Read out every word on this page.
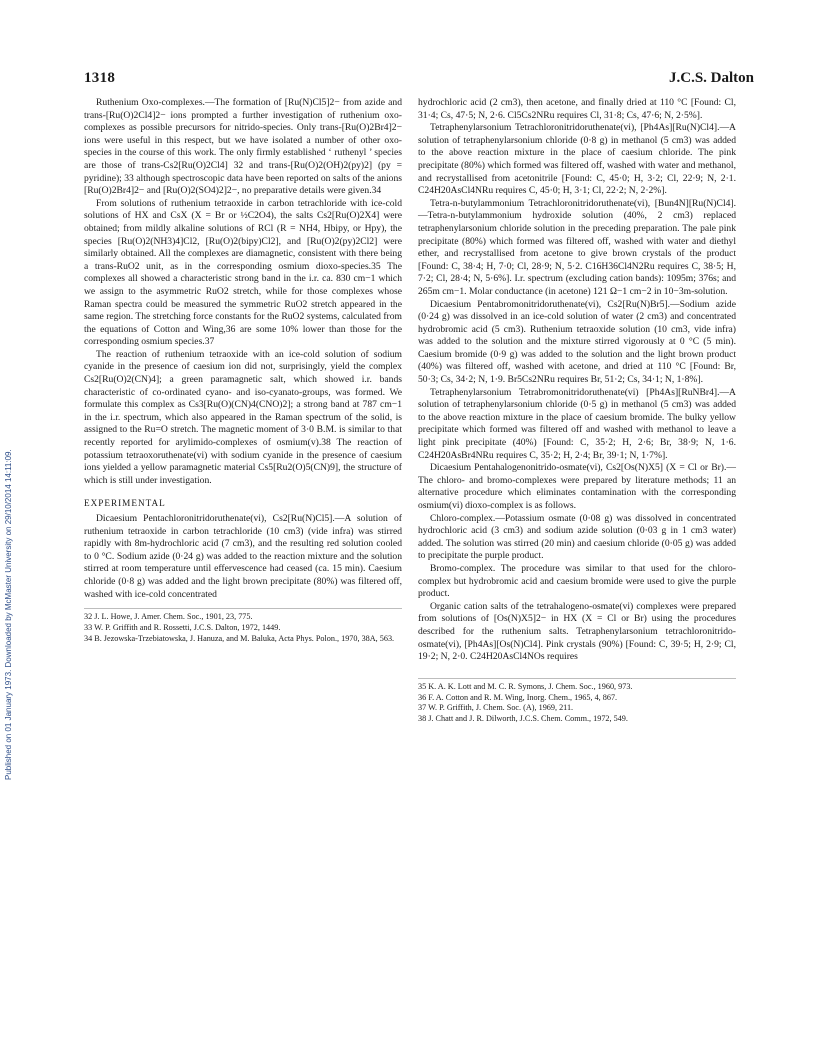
1318	J.C.S. Dalton
Published on 01 January 1973. Downloaded by McMaster University on 29/10/2014 14:11:09.

Ruthenium Oxo-complexes.—The formation of [Ru(N)Cl5]2− from azide and trans-[Ru(O)2Cl4]2− ions prompted a further investigation of ruthenium oxo-complexes as possible precursors for nitrido-species. Only trans-[Ru(O)2Br4]2− ions were useful in this respect, but we have isolated a number of other oxo-species in the course of this work. The only firmly established ‘ ruthenyl ’ species are those of trans-Cs2[Ru(O)2Cl4] 32 and trans-[Ru(O)2(OH)2(py)2] (py = pyridine); 33 although spectroscopic data have been reported on salts of the anions [Ru(O)2Br4]2− and [Ru(O)2(SO4)2]2−, no preparative details were given.34

From solutions of ruthenium tetraoxide in carbon tetrachloride with ice-cold solutions of HX and CsX (X = Br or ½C2O4), the salts Cs2[Ru(O)2X4] were obtained; from mildly alkaline solutions of RCl (R = NH4, Hbipy, or Hpy), the species [Ru(O)2(NH3)4]Cl2, [Ru(O)2(bipy)Cl2], and [Ru(O)2(py)2Cl2] were similarly obtained. All the complexes are diamagnetic, consistent with there being a trans-RuO2 unit, as in the corresponding osmium dioxo-species.35 The complexes all showed a characteristic strong band in the i.r. ca. 830 cm−1 which we assign to the asymmetric RuO2 stretch, while for those complexes whose Raman spectra could be measured the symmetric RuO2 stretch appeared in the same region. The stretching force constants for the RuO2 systems, calculated from the equations of Cotton and Wing,36 are some 10% lower than those for the corresponding osmium species.37

The reaction of ruthenium tetraoxide with an ice-cold solution of sodium cyanide in the presence of caesium ion did not, surprisingly, yield the complex Cs2[Ru(O)2(CN)4]; a green paramagnetic salt, which showed i.r. bands characteristic of co-ordinated cyano- and iso-cyanato-groups, was formed. We formulate this complex as Cs3[Ru(O)(CN)4(CNO)2]; a strong band at 787 cm−1 in the i.r. spectrum, which also appeared in the Raman spectrum of the solid, is assigned to the Ru=O stretch. The magnetic moment of 3·0 B.M. is similar to that recently reported for arylimido-complexes of osmium(v).38 The reaction of potassium tetraoxoruthenate(vi) with sodium cyanide in the presence of caesium ions yielded a yellow paramagnetic material Cs5[Ru2(O)5(CN)9], the structure of which is still under investigation.

EXPERIMENTAL

Dicaesium Pentachloronitridoruthenate(vi), Cs2[Ru(N)Cl5].—A solution of ruthenium tetraoxide in carbon tetrachloride (10 cm3) (vide infra) was stirred rapidly with 8m-hydrochloric acid (7 cm3), and the resulting red solution cooled to 0 °C. Sodium azide (0·24 g) was added to the reaction mixture and the solution stirred at room temperature until effervescence had ceased (ca. 15 min). Caesium chloride (0·8 g) was added and the light brown precipitate (80%) was filtered off, washed with ice-cold concentrated

32 J. L. Howe, J. Amer. Chem. Soc., 1901, 23, 775.
33 W. P. Griffith and R. Rossetti, J.C.S. Dalton, 1972, 1449.
34 B. Jezowska-Trzebiatowska, J. Hanuza, and M. Baluka, Acta Phys. Polon., 1970, 38A, 563.

hydrochloric acid (2 cm3), then acetone, and finally dried at 110 °C [Found: Cl, 31·4; Cs, 47·5; N, 2·6. Cl5Cs2NRu requires Cl, 31·8; Cs, 47·6; N, 2·5%].

Tetraphenylarsonium Tetrachloronitridoruthenate(vi), [Ph4As][Ru(N)Cl4].—A solution of tetraphenylarsonium chloride (0·8 g) in methanol (5 cm3) was added to the above reaction mixture in the place of caesium chloride. The pink precipitate (80%) which formed was filtered off, washed with water and methanol, and recrystallised from acetonitrile [Found: C, 45·0; H, 3·2; Cl, 22·9; N, 2·1. C24H20AsCl4NRu requires C, 45·0; H, 3·1; Cl, 22·2; N, 2·2%].

Tetra-n-butylammonium Tetrachloronitridoruthenate(vi), [Bun4N][Ru(N)Cl4].—Tetra-n-butylammonium hydroxide solution (40%, 2 cm3) replaced tetraphenylarsonium chloride solution in the preceding preparation. The pale pink precipitate (80%) which formed was filtered off, washed with water and diethyl ether, and recrystallised from acetone to give brown crystals of the product [Found: C, 38·4; H, 7·0; Cl, 28·9; N, 5·2. C16H36Cl4N2Ru requires C, 38·5; H, 7·2; Cl, 28·4; N, 5·6%]. I.r. spectrum (excluding cation bands): 1095m; 376s; and 265m cm−1. Molar conductance (in acetone) 121 Ω−1 cm−2 in 10−3m-solution.

Dicaesium Pentabromonitridoruthenate(vi), Cs2[Ru(N)Br5].—Sodium azide (0·24 g) was dissolved in an ice-cold solution of water (2 cm3) and concentrated hydrobromic acid (5 cm3). Ruthenium tetraoxide solution (10 cm3, vide infra) was added to the solution and the mixture stirred vigorously at 0 °C (5 min). Caesium bromide (0·9 g) was added to the solution and the light brown product (40%) was filtered off, washed with acetone, and dried at 110 °C [Found: Br, 50·3; Cs, 34·2; N, 1·9. Br5Cs2NRu requires Br, 51·2; Cs, 34·1; N, 1·8%].

Tetraphenylarsonium Tetrabromonitridoruthenate(vi) [Ph4As][RuNBr4].—A solution of tetraphenylarsonium chloride (0·5 g) in methanol (5 cm3) was added to the above reaction mixture in the place of caesium bromide. The bulky yellow precipitate which formed was filtered off and washed with methanol to leave a light pink precipitate (40%) [Found: C, 35·2; H, 2·6; Br, 38·9; N, 1·6. C24H20AsBr4NRu requires C, 35·2; H, 2·4; Br, 39·1; N, 1·7%].

Dicaesium Pentahalogenonitrido-osmate(vi), Cs2[Os(N)X5] (X = Cl or Br).—The chloro- and bromo-complexes were prepared by literature methods; 11 an alternative procedure which eliminates contamination with the corresponding osmium(vi) dioxo-complex is as follows.

Chloro-complex.—Potassium osmate (0·08 g) was dissolved in concentrated hydrochloric acid (3 cm3) and sodium azide solution (0·03 g in 1 cm3 water) added. The solution was stirred (20 min) and caesium chloride (0·05 g) was added to precipitate the purple product.

Bromo-complex. The procedure was similar to that used for the chloro-complex but hydrobromic acid and caesium bromide were used to give the purple product.

Organic cation salts of the tetrahalogeno-osmate(vi) complexes were prepared from solutions of [Os(N)X5]2− in HX (X = Cl or Br) using the procedures described for the ruthenium salts. Tetraphenylarsonium tetrachloronitrido-osmate(vi), [Ph4As][Os(N)Cl4]. Pink crystals (90%) [Found: C, 39·5; H, 2·9; Cl, 19·2; N, 2·0. C24H20AsCl4NOs requires

35 K. A. K. Lott and M. C. R. Symons, J. Chem. Soc., 1960, 973.
36 F. A. Cotton and R. M. Wing, Inorg. Chem., 1965, 4, 867.
37 W. P. Griffith, J. Chem. Soc. (A), 1969, 211.
38 J. Chatt and J. R. Dilworth, J.C.S. Chem. Comm., 1972, 549.
